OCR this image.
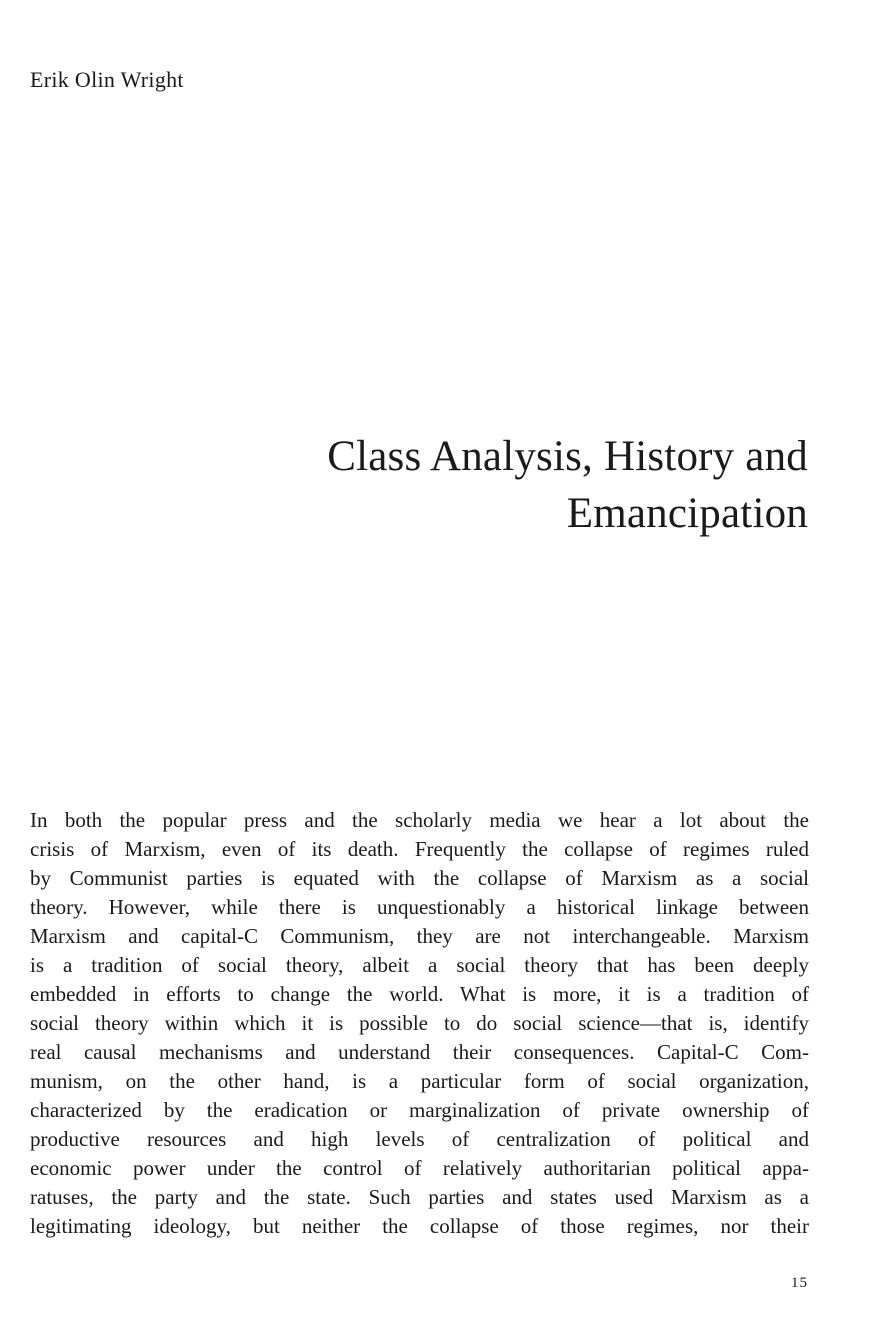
Erik Olin Wright

Class Analysis, History and
Emancipation
In both the popular press and the scholarly media we hear a lot about the
crisis of Marxism, even of its death. Frequently the collapse of regimes ruled
by Communist parties is equated with the collapse of Marxism as a social
theory. However, while there is unquestionably a historical linkage between
Marxism and capital-C Communism, they are not interchangeable. Marxism
is a tradition of social theory, albeit a social theory that has been deeply
embedded in efforts to change the world. What is more, it is a tradition of
social theory within which it is possible to do social science—that is, identify
real causal mechanisms and understand their consequences. Capital-C Com-
munism, on the other hand, is a particular form of social organization,
characterized by the eradication or marginalization of private ownership of
productive resources and high levels of centralization of political and
economic power under the control of relatively authoritarian political appa-
ratuses, the party and the state. Such parties and states used Marxism as a
legitimating ideology, but neither the collapse of those regimes, nor their

15
